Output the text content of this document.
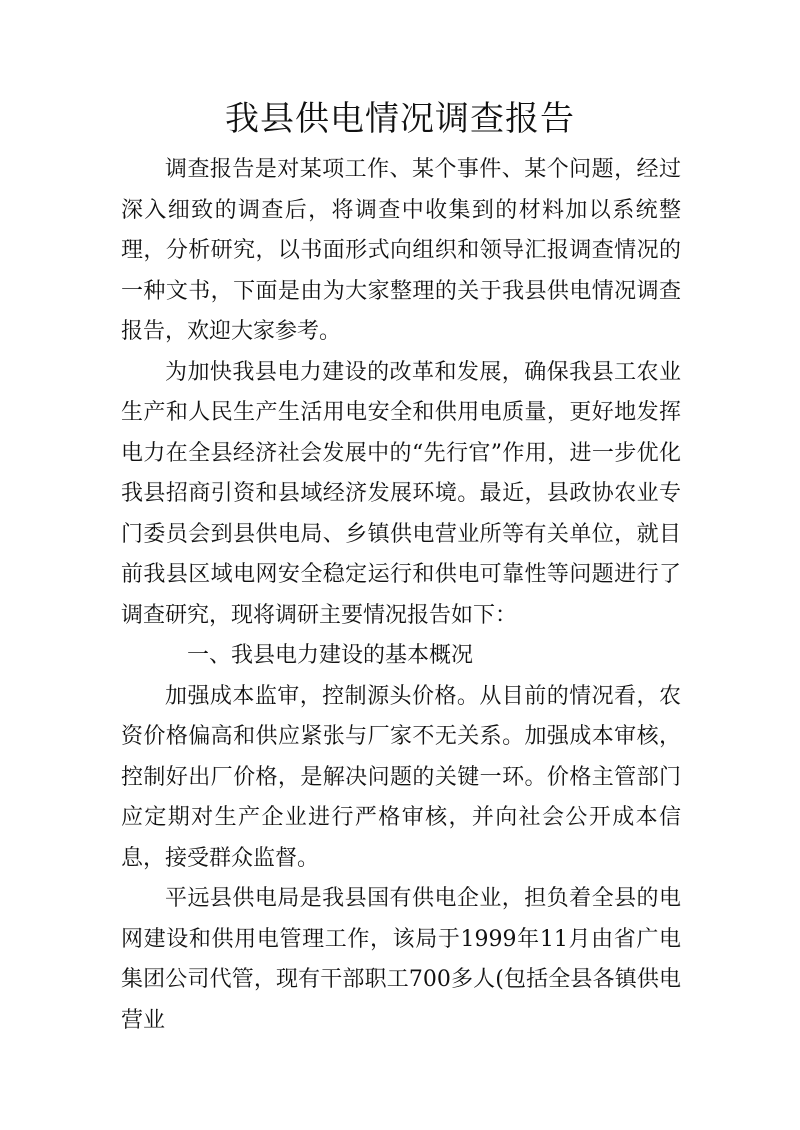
我县供电情况调查报告

调查报告是对某项工作、某个事件、某个问题，经过深入细致的调查后，将调查中收集到的材料加以系统整理，分析研究，以书面形式向组织和领导汇报调查情况的一种文书，下面是由为大家整理的关于我县供电情况调查报告，欢迎大家参考。

为加快我县电力建设的改革和发展，确保我县工农业生产和人民生产生活用电安全和供用电质量，更好地发挥电力在全县经济社会发展中的“先行官”作用，进一步优化我县招商引资和县域经济发展环境。最近，县政协农业专门委员会到县供电局、乡镇供电营业所等有关单位，就目前我县区域电网安全稳定运行和供电可靠性等问题进行了调查研究，现将调研主要情况报告如下：

一、我县电力建设的基本概况

加强成本监审，控制源头价格。从目前的情况看，农资价格偏高和供应紧张与厂家不无关系。加强成本审核，控制好出厂价格，是解决问题的关键一环。价格主管部门应定期对生产企业进行严格审核，并向社会公开成本信息，接受群众监督。

平远县供电局是我县国有供电企业，担负着全县的电网建设和供用电管理工作，该局于1999年11月由省广电集团公司代管，现有干部职工700多人(包括全县各镇供电营业
